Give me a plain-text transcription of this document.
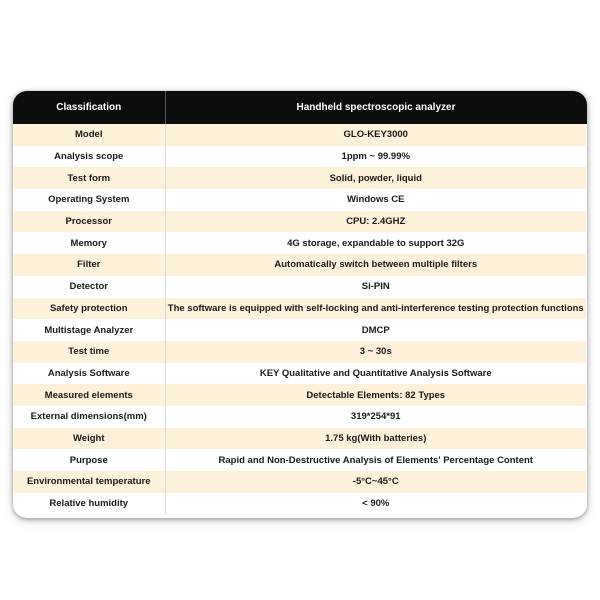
Classification	Handheld spectroscopic analyzer
Model	GLO-KEY3000
Analysis scope	1ppm ~ 99.99%
Test form	Solid, powder, liquid
Operating System	Windows CE
Processor	CPU: 2.4GHZ
Memory	4G storage, expandable to support 32G
Filter	Automatically switch between multiple filters
Detector	Si-PIN
Safety protection	The software is equipped with self-locking and anti-interference testing protection functions
Multistage Analyzer	DMCP
Test time	3 ~ 30s
Analysis Software	KEY Qualitative and Quantitative Analysis Software
Measured elements	Detectable Elements: 82 Types
External dimensions(mm)	319*254*91
Weight	1.75 kg(With batteries)
Purpose	Rapid and Non-Destructive Analysis of Elements' Percentage Content
Environmental temperature	-5°C~45°C
Relative humidity	< 90%
